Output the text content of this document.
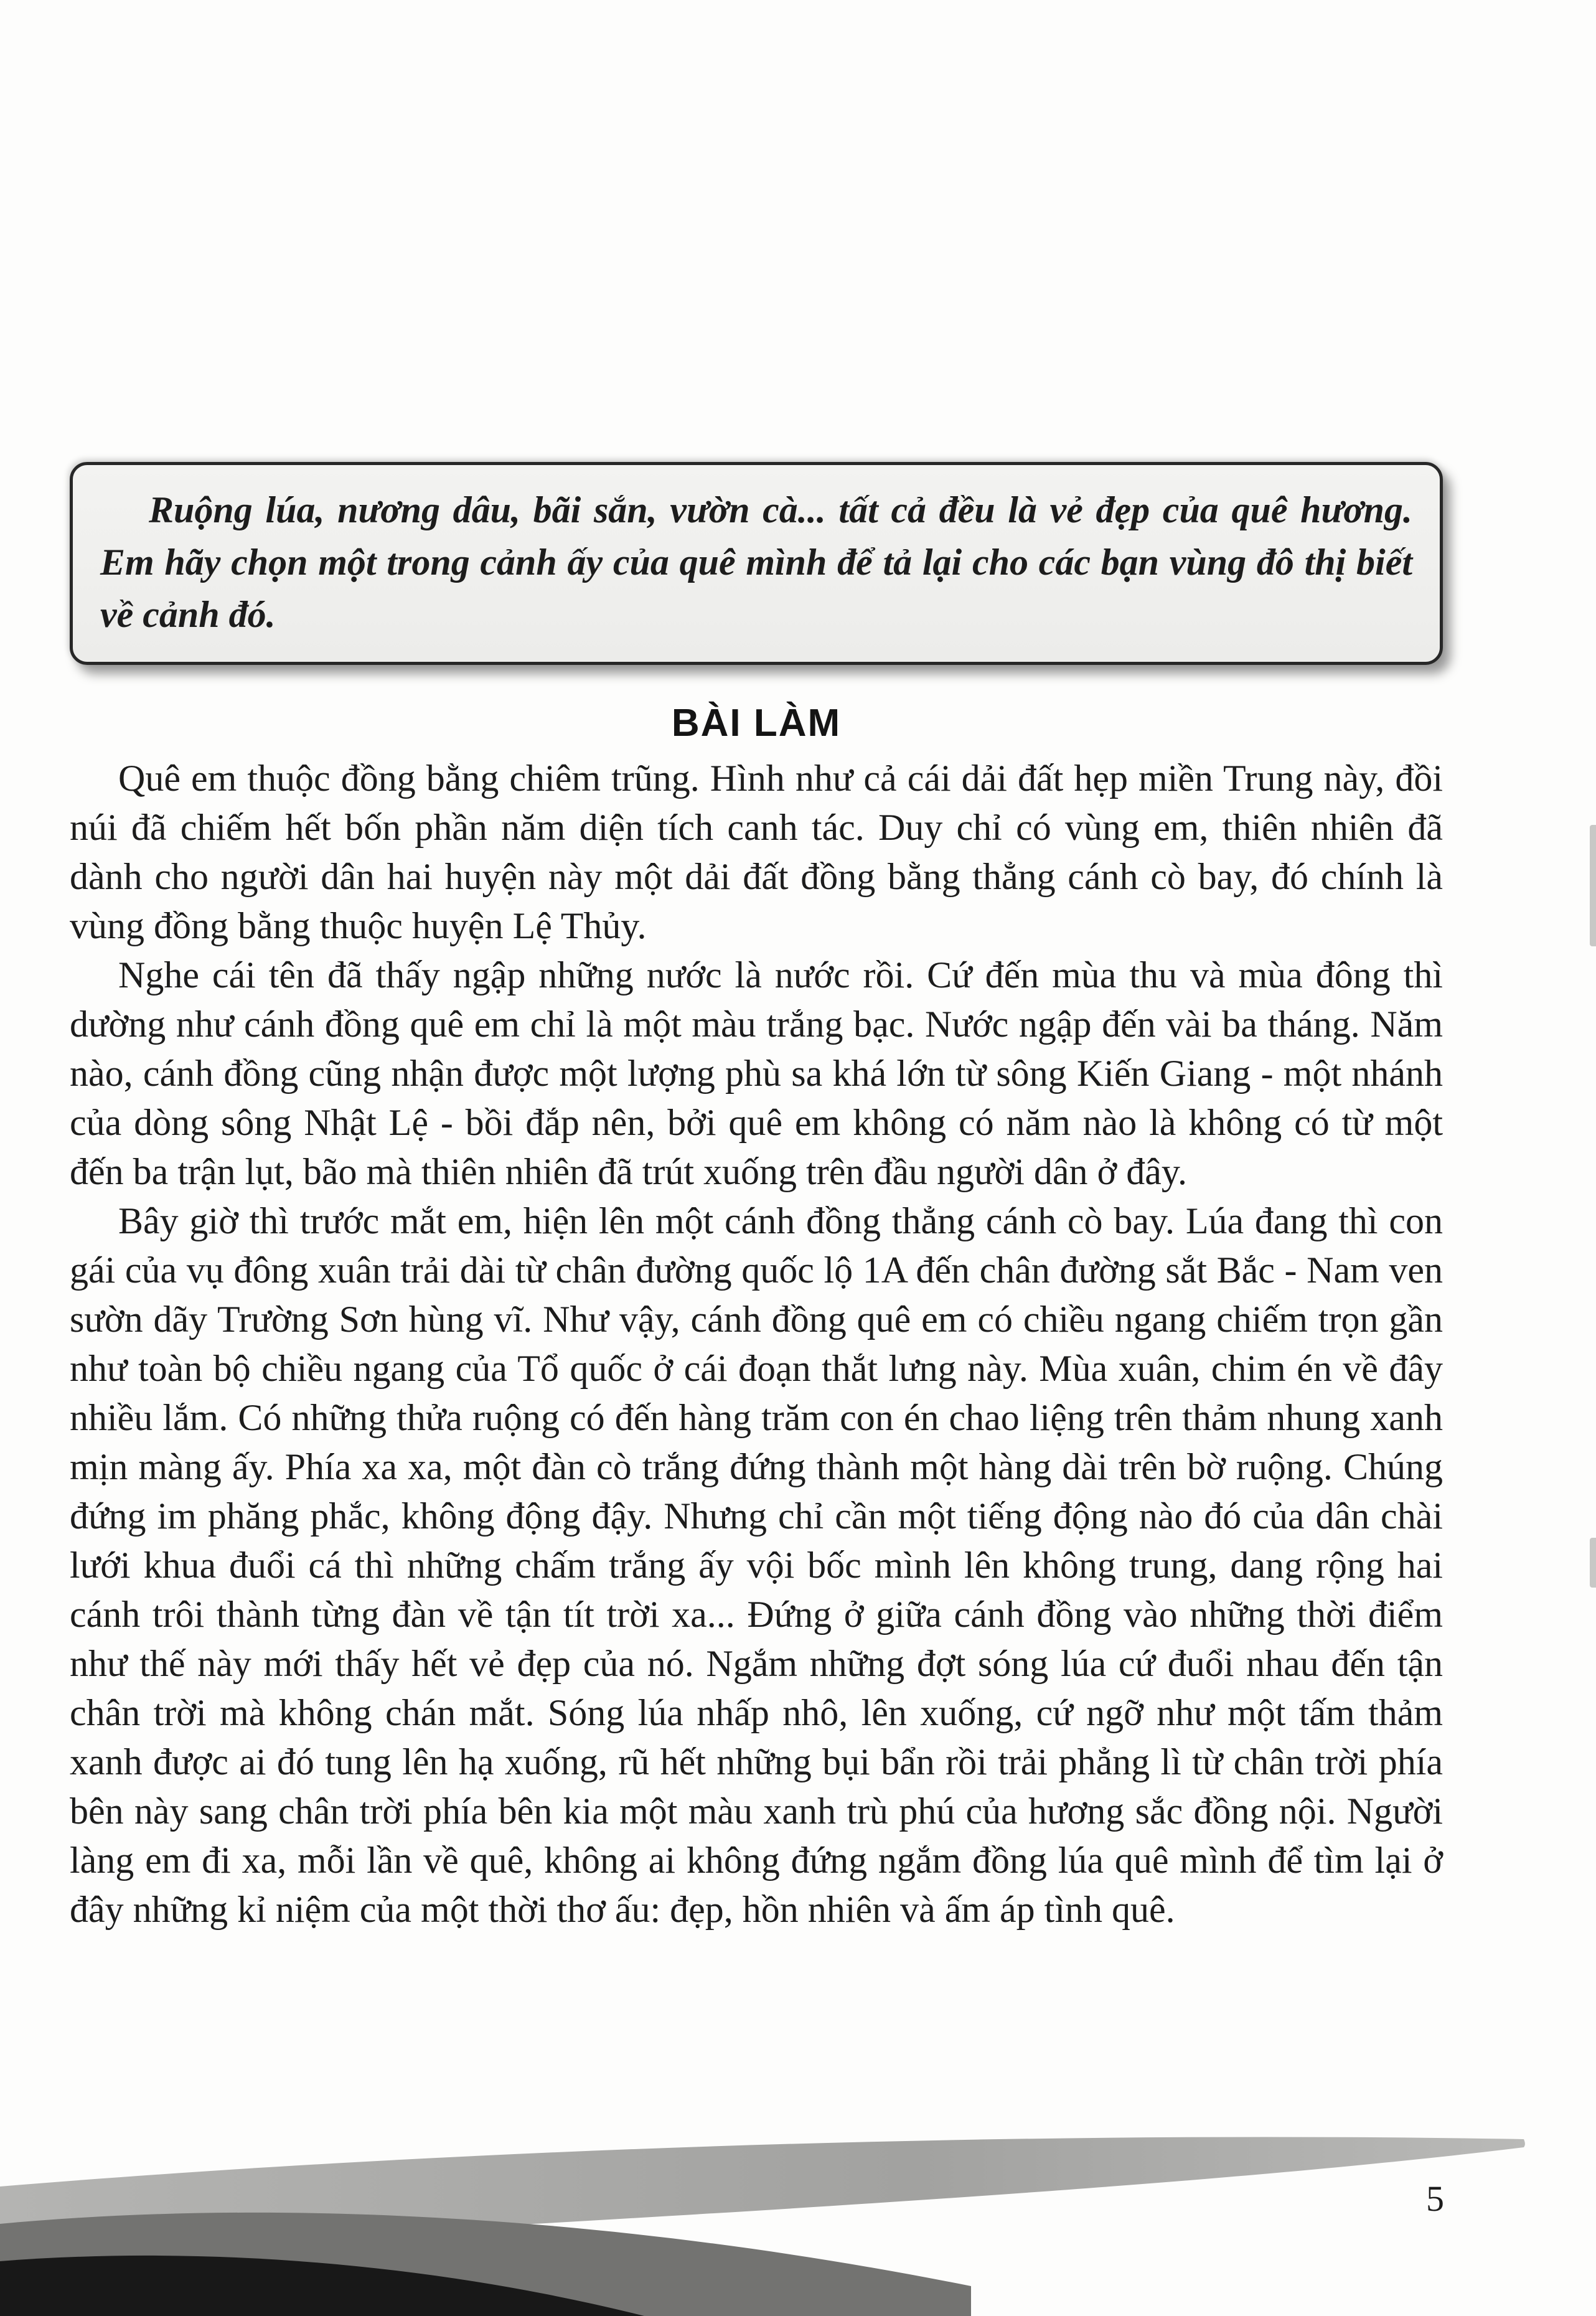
Ruộng lúa, nương dâu, bãi sắn, vườn cà... tất cả đều là vẻ đẹp của quê hương. Em hãy chọn một trong cảnh ấy của quê mình để tả lại cho các bạn vùng đô thị biết về cảnh đó.

BÀI LÀM

Quê em thuộc đồng bằng chiêm trũng. Hình như cả cái dải đất hẹp miền Trung này, đồi núi đã chiếm hết bốn phần năm diện tích canh tác. Duy chỉ có vùng em, thiên nhiên đã dành cho người dân hai huyện này một dải đất đồng bằng thẳng cánh cò bay, đó chính là vùng đồng bằng thuộc huyện Lệ Thủy.

Nghe cái tên đã thấy ngập những nước là nước rồi. Cứ đến mùa thu và mùa đông thì dường như cánh đồng quê em chỉ là một màu trắng bạc. Nước ngập đến vài ba tháng. Năm nào, cánh đồng cũng nhận được một lượng phù sa khá lớn từ sông Kiến Giang - một nhánh của dòng sông Nhật Lệ - bồi đắp nên, bởi quê em không có năm nào là không có từ một đến ba trận lụt, bão mà thiên nhiên đã trút xuống trên đầu người dân ở đây.

Bây giờ thì trước mắt em, hiện lên một cánh đồng thẳng cánh cò bay. Lúa đang thì con gái của vụ đông xuân trải dài từ chân đường quốc lộ 1A đến chân đường sắt Bắc - Nam ven sườn dãy Trường Sơn hùng vĩ. Như vậy, cánh đồng quê em có chiều ngang chiếm trọn gần như toàn bộ chiều ngang của Tổ quốc ở cái đoạn thắt lưng này. Mùa xuân, chim én về đây nhiều lắm. Có những thửa ruộng có đến hàng trăm con én chao liệng trên thảm nhung xanh mịn màng ấy. Phía xa xa, một đàn cò trắng đứng thành một hàng dài trên bờ ruộng. Chúng đứng im phăng phắc, không động đậy. Nhưng chỉ cần một tiếng động nào đó của dân chài lưới khua đuổi cá thì những chấm trắng ấy vội bốc mình lên không trung, dang rộng hai cánh trôi thành từng đàn về tận tít trời xa... Đứng ở giữa cánh đồng vào những thời điểm như thế này mới thấy hết vẻ đẹp của nó. Ngắm những đợt sóng lúa cứ đuổi nhau đến tận chân trời mà không chán mắt. Sóng lúa nhấp nhô, lên xuống, cứ ngỡ như một tấm thảm xanh được ai đó tung lên hạ xuống, rũ hết những bụi bẩn rồi trải phẳng lì từ chân trời phía bên này sang chân trời phía bên kia một màu xanh trù phú của hương sắc đồng nội. Người làng em đi xa, mỗi lần về quê, không ai không đứng ngắm đồng lúa quê mình để tìm lại ở đây những kỉ niệm của một thời thơ ấu: đẹp, hồn nhiên và ấm áp tình quê.

5
